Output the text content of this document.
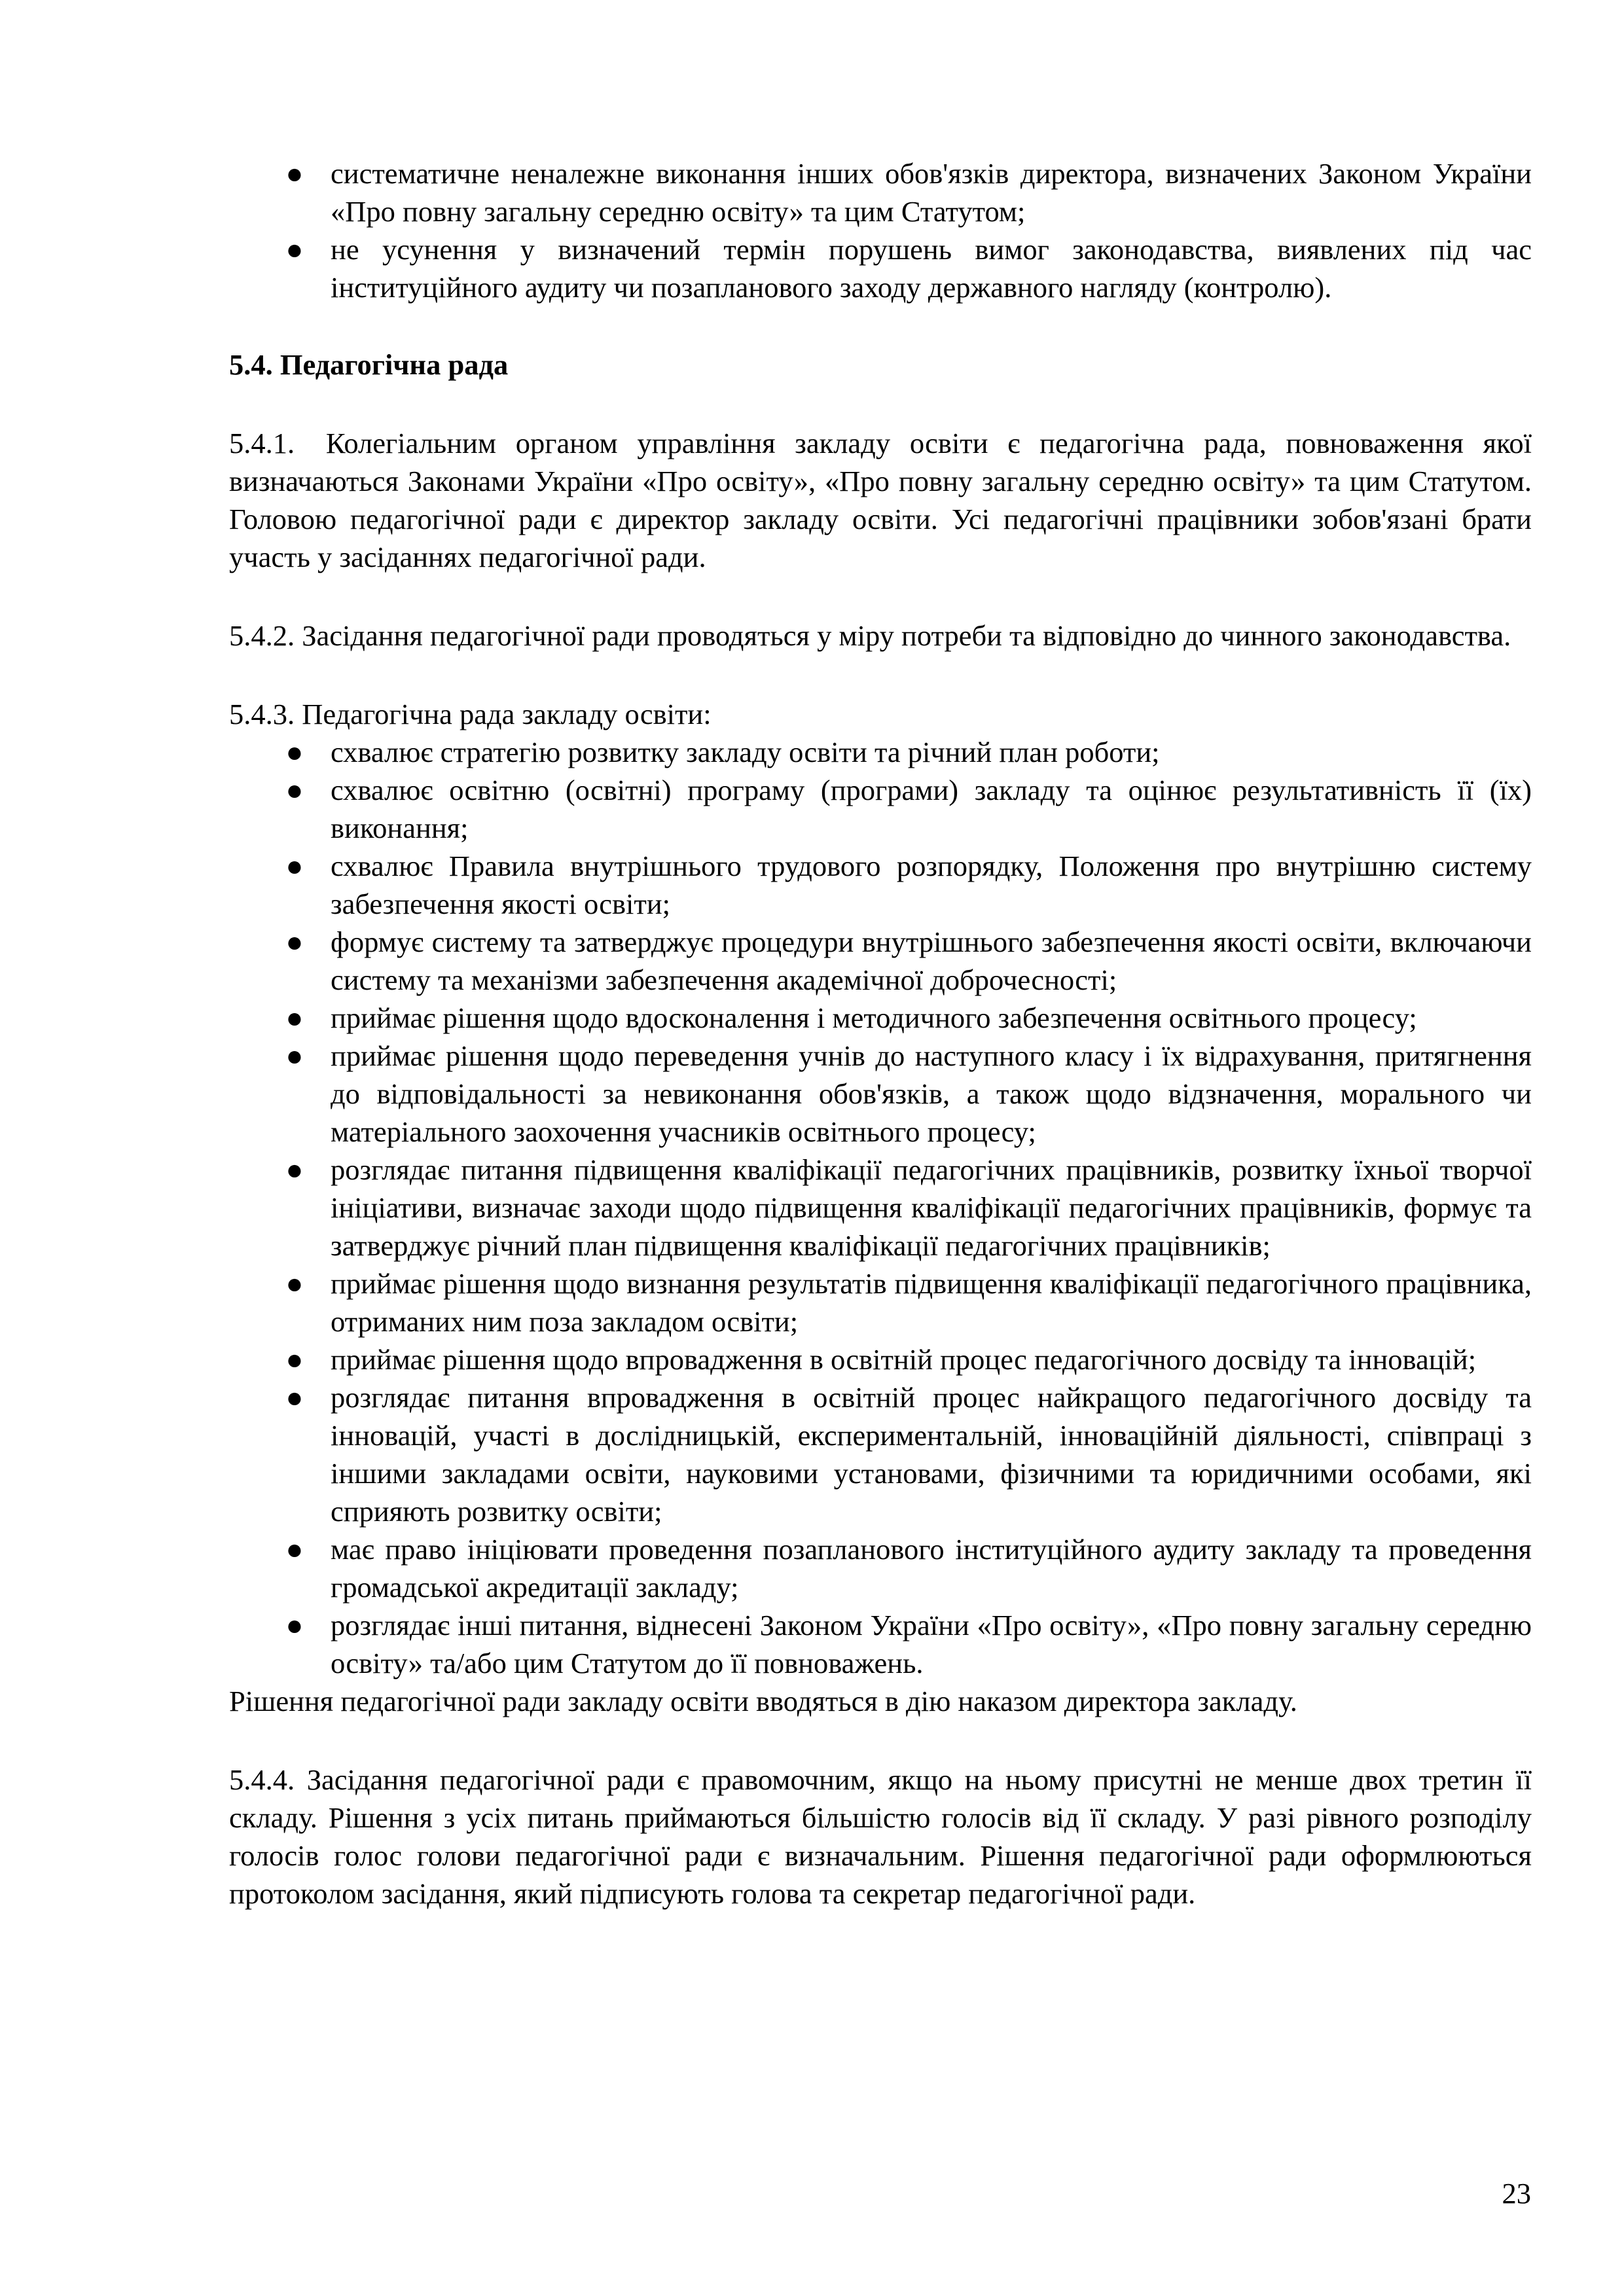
● систематичне неналежне виконання інших обов'язків директора, визначених Законом України «Про повну загальну середню освіту» та цим Статутом;
● не усунення у визначений термін порушень вимог законодавства, виявлених під час інституційного аудиту чи позапланового заходу державного нагляду (контролю).
5.4. Педагогічна рада

5.4.1. Колегіальним органом управління закладу освіти є педагогічна рада, повноваження якої визначаються Законами України «Про освіту», «Про повну загальну середню освіту» та цим Статутом. Головою педагогічної ради є директор закладу освіти. Усі педагогічні працівники зобов'язані брати участь у засіданнях педагогічної ради.

5.4.2. Засідання педагогічної ради проводяться у міру потреби та відповідно до чинного законодавства.

5.4.3. Педагогічна рада закладу освіти:

● схвалює стратегію розвитку закладу освіти та річний план роботи;
● схвалює освітню (освітні) програму (програми) закладу та оцінює результативність її (їх) виконання;
● схвалює Правила внутрішнього трудового розпорядку, Положення про внутрішню систему забезпечення якості освіти;
● формує систему та затверджує процедури внутрішнього забезпечення якості освіти, включаючи систему та механізми забезпечення академічної доброчесності;
● приймає рішення щодо вдосконалення і методичного забезпечення освітнього процесу;
● приймає рішення щодо переведення учнів до наступного класу і їх відрахування, притягнення до відповідальності за невиконання обов'язків, а також щодо відзначення, морального чи матеріального заохочення учасників освітнього процесу;
● розглядає питання підвищення кваліфікації педагогічних працівників, розвитку їхньої творчої ініціативи, визначає заходи щодо підвищення кваліфікації педагогічних працівників, формує та затверджує річний план підвищення кваліфікації педагогічних працівників;
● приймає рішення щодо визнання результатів підвищення кваліфікації педагогічного працівника, отриманих ним поза закладом освіти;
● приймає рішення щодо впровадження в освітній процес педагогічного досвіду та інновацій;
● розглядає питання впровадження в освітній процес найкращого педагогічного досвіду та інновацій, участі в дослідницькій, експериментальній, інноваційній діяльності, співпраці з іншими закладами освіти, науковими установами, фізичними та юридичними особами, які сприяють розвитку освіти;
● має право ініціювати проведення позапланового інституційного аудиту закладу та проведення громадської акредитації закладу;
● розглядає інші питання, віднесені Законом України «Про освіту», «Про повну загальну середню освіту» та/або цим Статутом до її повноважень.

Рішення педагогічної ради закладу освіти вводяться в дію наказом директора закладу.

5.4.4. Засідання педагогічної ради є правомочним, якщо на ньому присутні не менше двох третин її складу. Рішення з усіх питань приймаються більшістю голосів від її складу. У разі рівного розподілу голосів голос голови педагогічної ради є визначальним. Рішення педагогічної ради оформлюються протоколом засідання, який підписують голова та секретар педагогічної ради.

23
